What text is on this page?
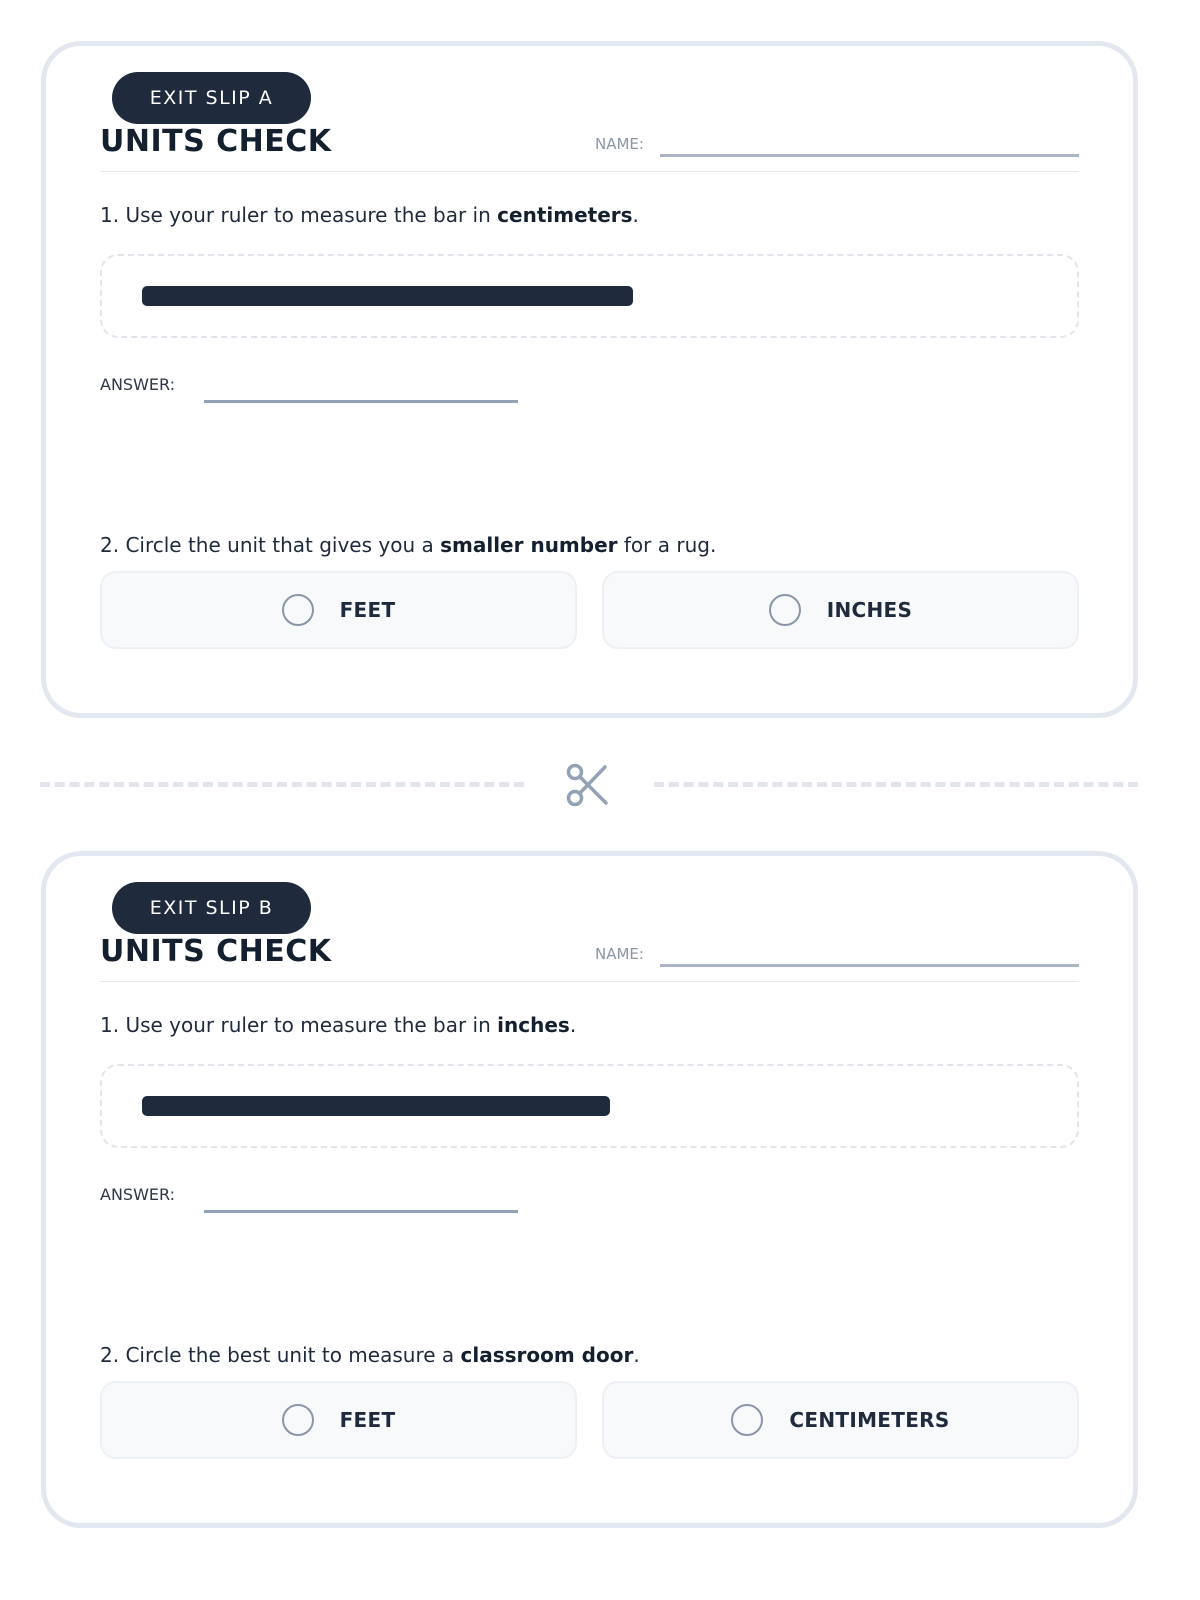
EXIT SLIP A
UNITS CHECK	NAME:
1. Use your ruler to measure the bar in centimeters.
ANSWER:
2. Circle the unit that gives you a smaller number for a rug.
FEET	INCHES
EXIT SLIP B
UNITS CHECK	NAME:
1. Use your ruler to measure the bar in inches.
ANSWER:
2. Circle the best unit to measure a classroom door.
FEET	CENTIMETERS
